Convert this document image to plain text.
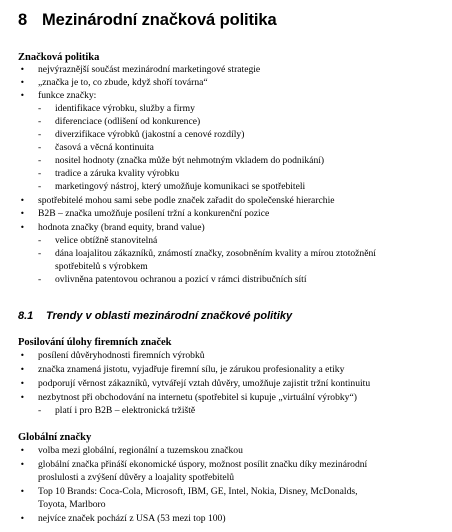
8 Mezinárodní značková politika
Značková politika
• nejvýraznější součást mezinárodní marketingové strategie
• „značka je to, co zbude, když shoří továrna“
• funkce značky:
- identifikace výrobku, služby a firmy
- diferenciace (odlišení od konkurence)
- diverzifikace výrobků (jakostní a cenové rozdíly)
- časová a věcná kontinuita
- nositel hodnoty (značka může být nehmotným vkladem do podnikání)
- tradice a záruka kvality výrobku
- marketingový nástroj, který umožňuje komunikaci se spotřebiteli
• spotřebitelé mohou sami sebe podle značek zařadit do společenské hierarchie
• B2B – značka umožňuje posílení tržní a konkurenční pozice
• hodnota značky (brand equity, brand value)
- velice obtížně stanovitelná
- dána loajalitou zákazníků, známostí značky, zosobněním kvality a mírou ztotožnění
spotřebitelů s výrobkem
- ovlivněna patentovou ochranou a pozicí v rámci distribučních sítí
8.1 Trendy v oblasti mezinárodní značkové politiky
Posilování úlohy firemních značek
• posílení důvěryhodnosti firemních výrobků
• značka znamená jistotu, vyjadřuje firemní sílu, je zárukou profesionality a etiky
• podporují věrnost zákazníků, vytvářejí vztah důvěry, umožňuje zajistit tržní kontinuitu
• nezbytnost při obchodování na internetu (spotřebitel si kupuje „virtuální výrobky“)
- platí i pro B2B – elektronická tržiště
Globální značky
• volba mezi globální, regionální a tuzemskou značkou
• globální značka přináší ekonomické úspory, možnost posílit značku díky mezinárodní
proslulosti a zvýšení důvěry a loajality spotřebitelů
• Top 10 Brands: Coca-Cola, Microsoft, IBM, GE, Intel, Nokia, Disney, McDonalds,
Toyota, Marlboro
• nejvíce značek pochází z USA (53 mezi top 100)
